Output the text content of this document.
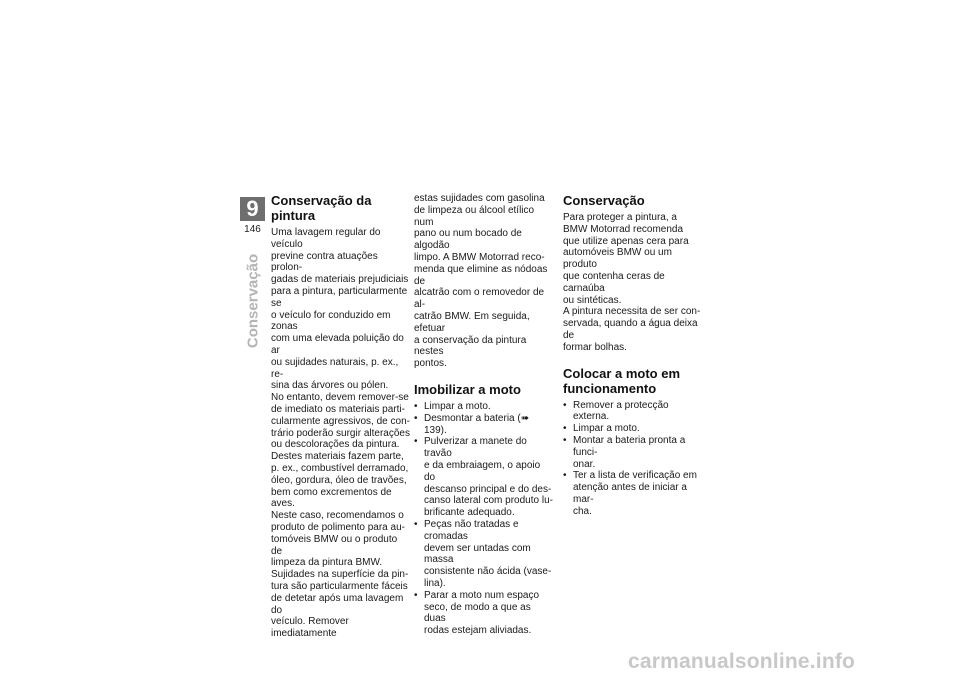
9
146
Conservação
Conservação da pintura

Uma lavagem regular do veículo
previne contra atuações prolon-
gadas de materiais prejudiciais
para a pintura, particularmente se
o veículo for conduzido em zonas
com uma elevada poluição do ar
ou sujidades naturais, p. ex., re-
sina das árvores ou pólen.
No entanto, devem remover-se
de imediato os materiais parti-
cularmente agressivos, de con-
trário poderão surgir alterações
ou descolorações da pintura.
Destes materiais fazem parte,
p. ex., combustível derramado,
óleo, gordura, óleo de travões,
bem como excrementos de aves.
Neste caso, recomendamos o
produto de polimento para au-
tomóveis BMW ou o produto de
limpeza da pintura BMW.
Sujidades na superfície da pin-
tura são particularmente fáceis
de detetar após uma lavagem do
veículo. Remover imediatamente

estas sujidades com gasolina
de limpeza ou álcool etílico num
pano ou num bocado de algodão
limpo. A BMW Motorrad reco-
menda que elimine as nódoas de
alcatrão com o removedor de al-
catrão BMW. Em seguida, efetuar
a conservação da pintura nestes
pontos.

Imobilizar a moto
• Limpar a moto.
• Desmontar a bateria (➠ 139).
• Pulverizar a manete do travão
e da embraiagem, o apoio do
descanso principal e do des-
canso lateral com produto lu-
brificante adequado.
• Peças não tratadas e cromadas
devem ser untadas com massa
consistente não ácida (vase-
lina).
• Parar a moto num espaço
seco, de modo a que as duas
rodas estejam aliviadas.
Conservação

Para proteger a pintura, a
BMW Motorrad recomenda
que utilize apenas cera para
automóveis BMW ou um produto
que contenha ceras de carnaúba
ou sintéticas.
A pintura necessita de ser con-
servada, quando a água deixa de
formar bolhas.

Colocar a moto em
funcionamento
• Remover a protecção externa.
• Limpar a moto.
• Montar a bateria pronta a funci-
onar.
• Ter a lista de verificação em
atenção antes de iniciar a mar-
cha.
carmanualsonline.info
